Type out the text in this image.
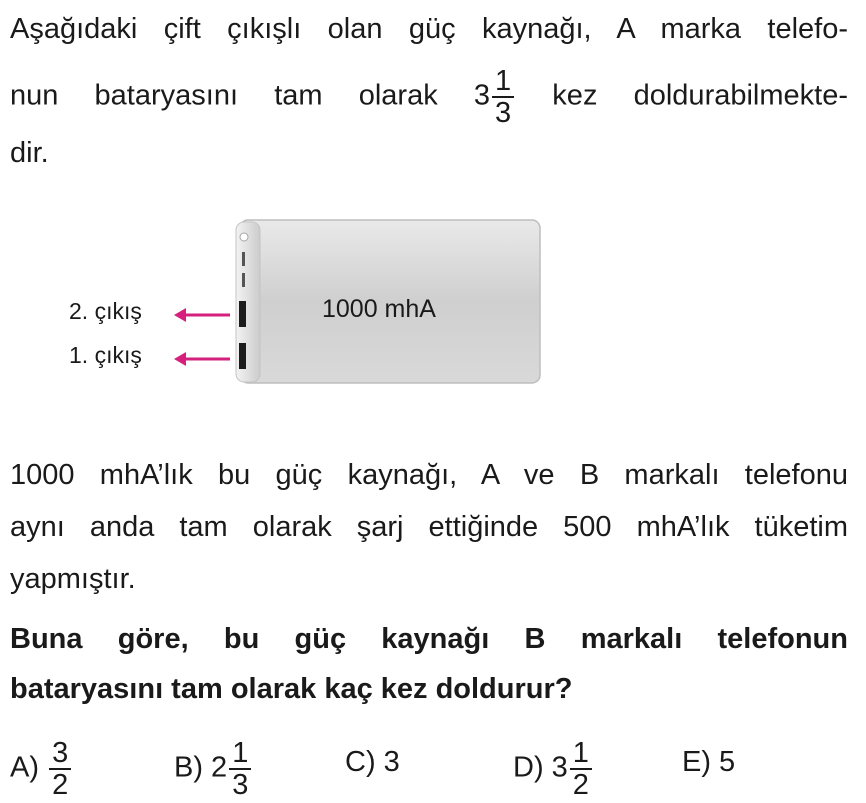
Aşağıdaki çift çıkışlı olan güç kaynağı, A marka telefo-
nun bataryasını tam olarak $3 \frac{1}{3}$ kez doldurabilmekte-
dir.
1000 mhA
2. çıkış
1. çıkış
1000 mhA’lık bu güç kaynağı, A ve B markalı telefonu
aynı anda tam olarak şarj ettiğinde 500 mhA’lık tüketim
yapmıştır.
Buna göre, bu güç kaynağı B markalı telefonun
bataryasını tam olarak kaç kez doldurur?
$A) \frac{3}{2}$	B) $2 \frac{1}{3}$	C) 3	D) $3 \frac{1}{2}$	E) 5
